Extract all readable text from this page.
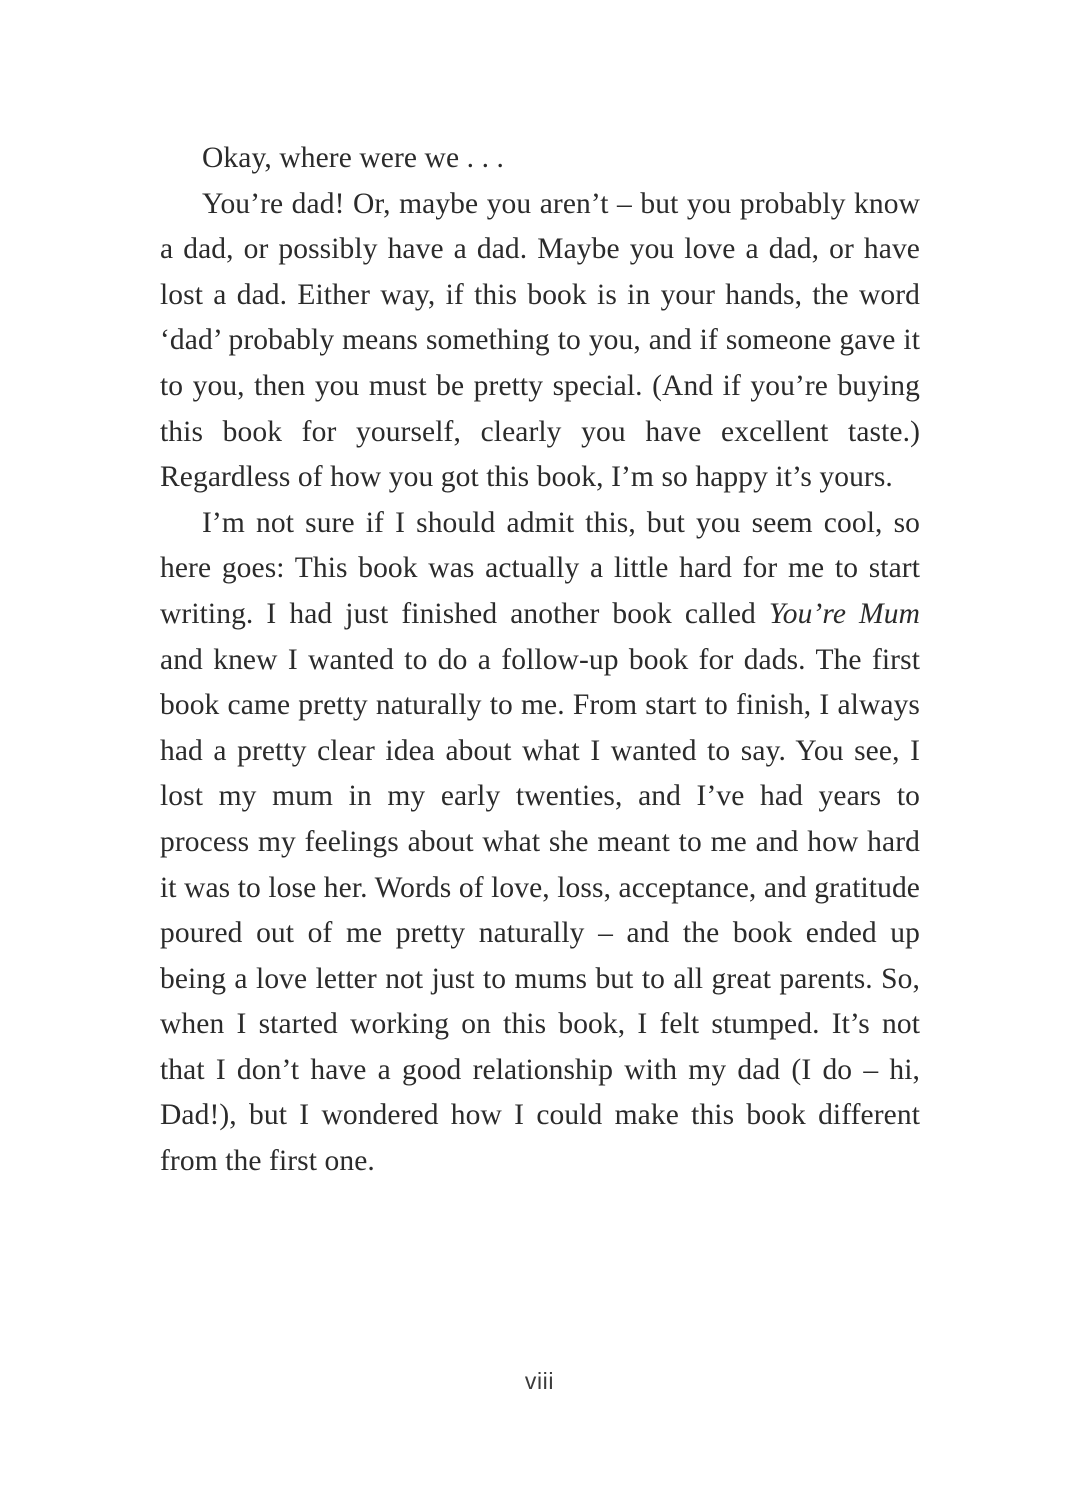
Okay, where were we . . .

You’re dad! Or, maybe you aren’t – but you probably know a dad, or possibly have a dad. Maybe you love a dad, or have lost a dad. Either way, if this book is in your hands, the word ‘dad’ probably means something to you, and if someone gave it to you, then you must be pretty special. (And if you’re buying this book for yourself, clearly you have excellent taste.) Regardless of how you got this book, I’m so happy it’s yours.

I’m not sure if I should admit this, but you seem cool, so here goes: This book was actually a little hard for me to start writing. I had just finished another book called You’re Mum and knew I wanted to do a follow-up book for dads. The first book came pretty naturally to me. From start to finish, I always had a pretty clear idea about what I wanted to say. You see, I lost my mum in my early twenties, and I’ve had years to process my feelings about what she meant to me and how hard it was to lose her. Words of love, loss, acceptance, and gratitude poured out of me pretty naturally – and the book ended up being a love letter not just to mums but to all great parents. So, when I started working on this book, I felt stumped. It’s not that I don’t have a good relationship with my dad (I do – hi, Dad!), but I wondered how I could make this book different from the first one.

viii
